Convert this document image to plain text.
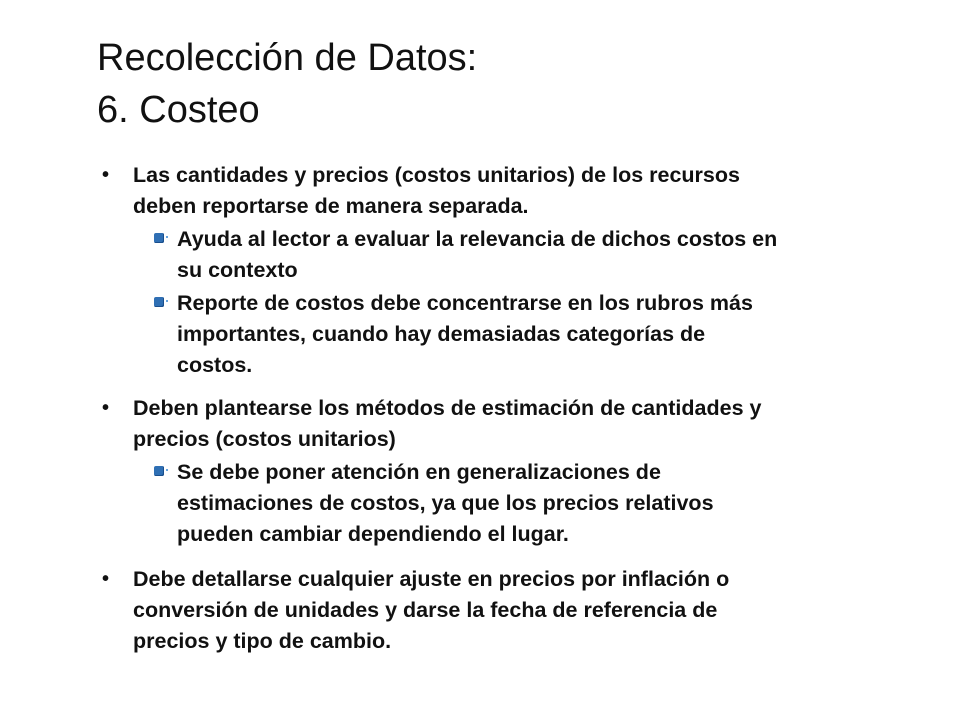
Recolección de Datos:
6. Costeo
• Las cantidades y precios (costos unitarios) de los recursos
deben reportarse de manera separada.
Ayuda al lector a evaluar la relevancia de dichos costos en
su contexto
Reporte de costos debe concentrarse en los rubros más
importantes, cuando hay demasiadas categorías de
costos.
• Deben plantearse los métodos de estimación de cantidades y
precios (costos unitarios)
Se debe poner atención en generalizaciones de
estimaciones de costos, ya que los precios relativos
pueden cambiar dependiendo el lugar.
• Debe detallarse cualquier ajuste en precios por inflación o
conversión de unidades y darse la fecha de referencia de
precios y tipo de cambio.
